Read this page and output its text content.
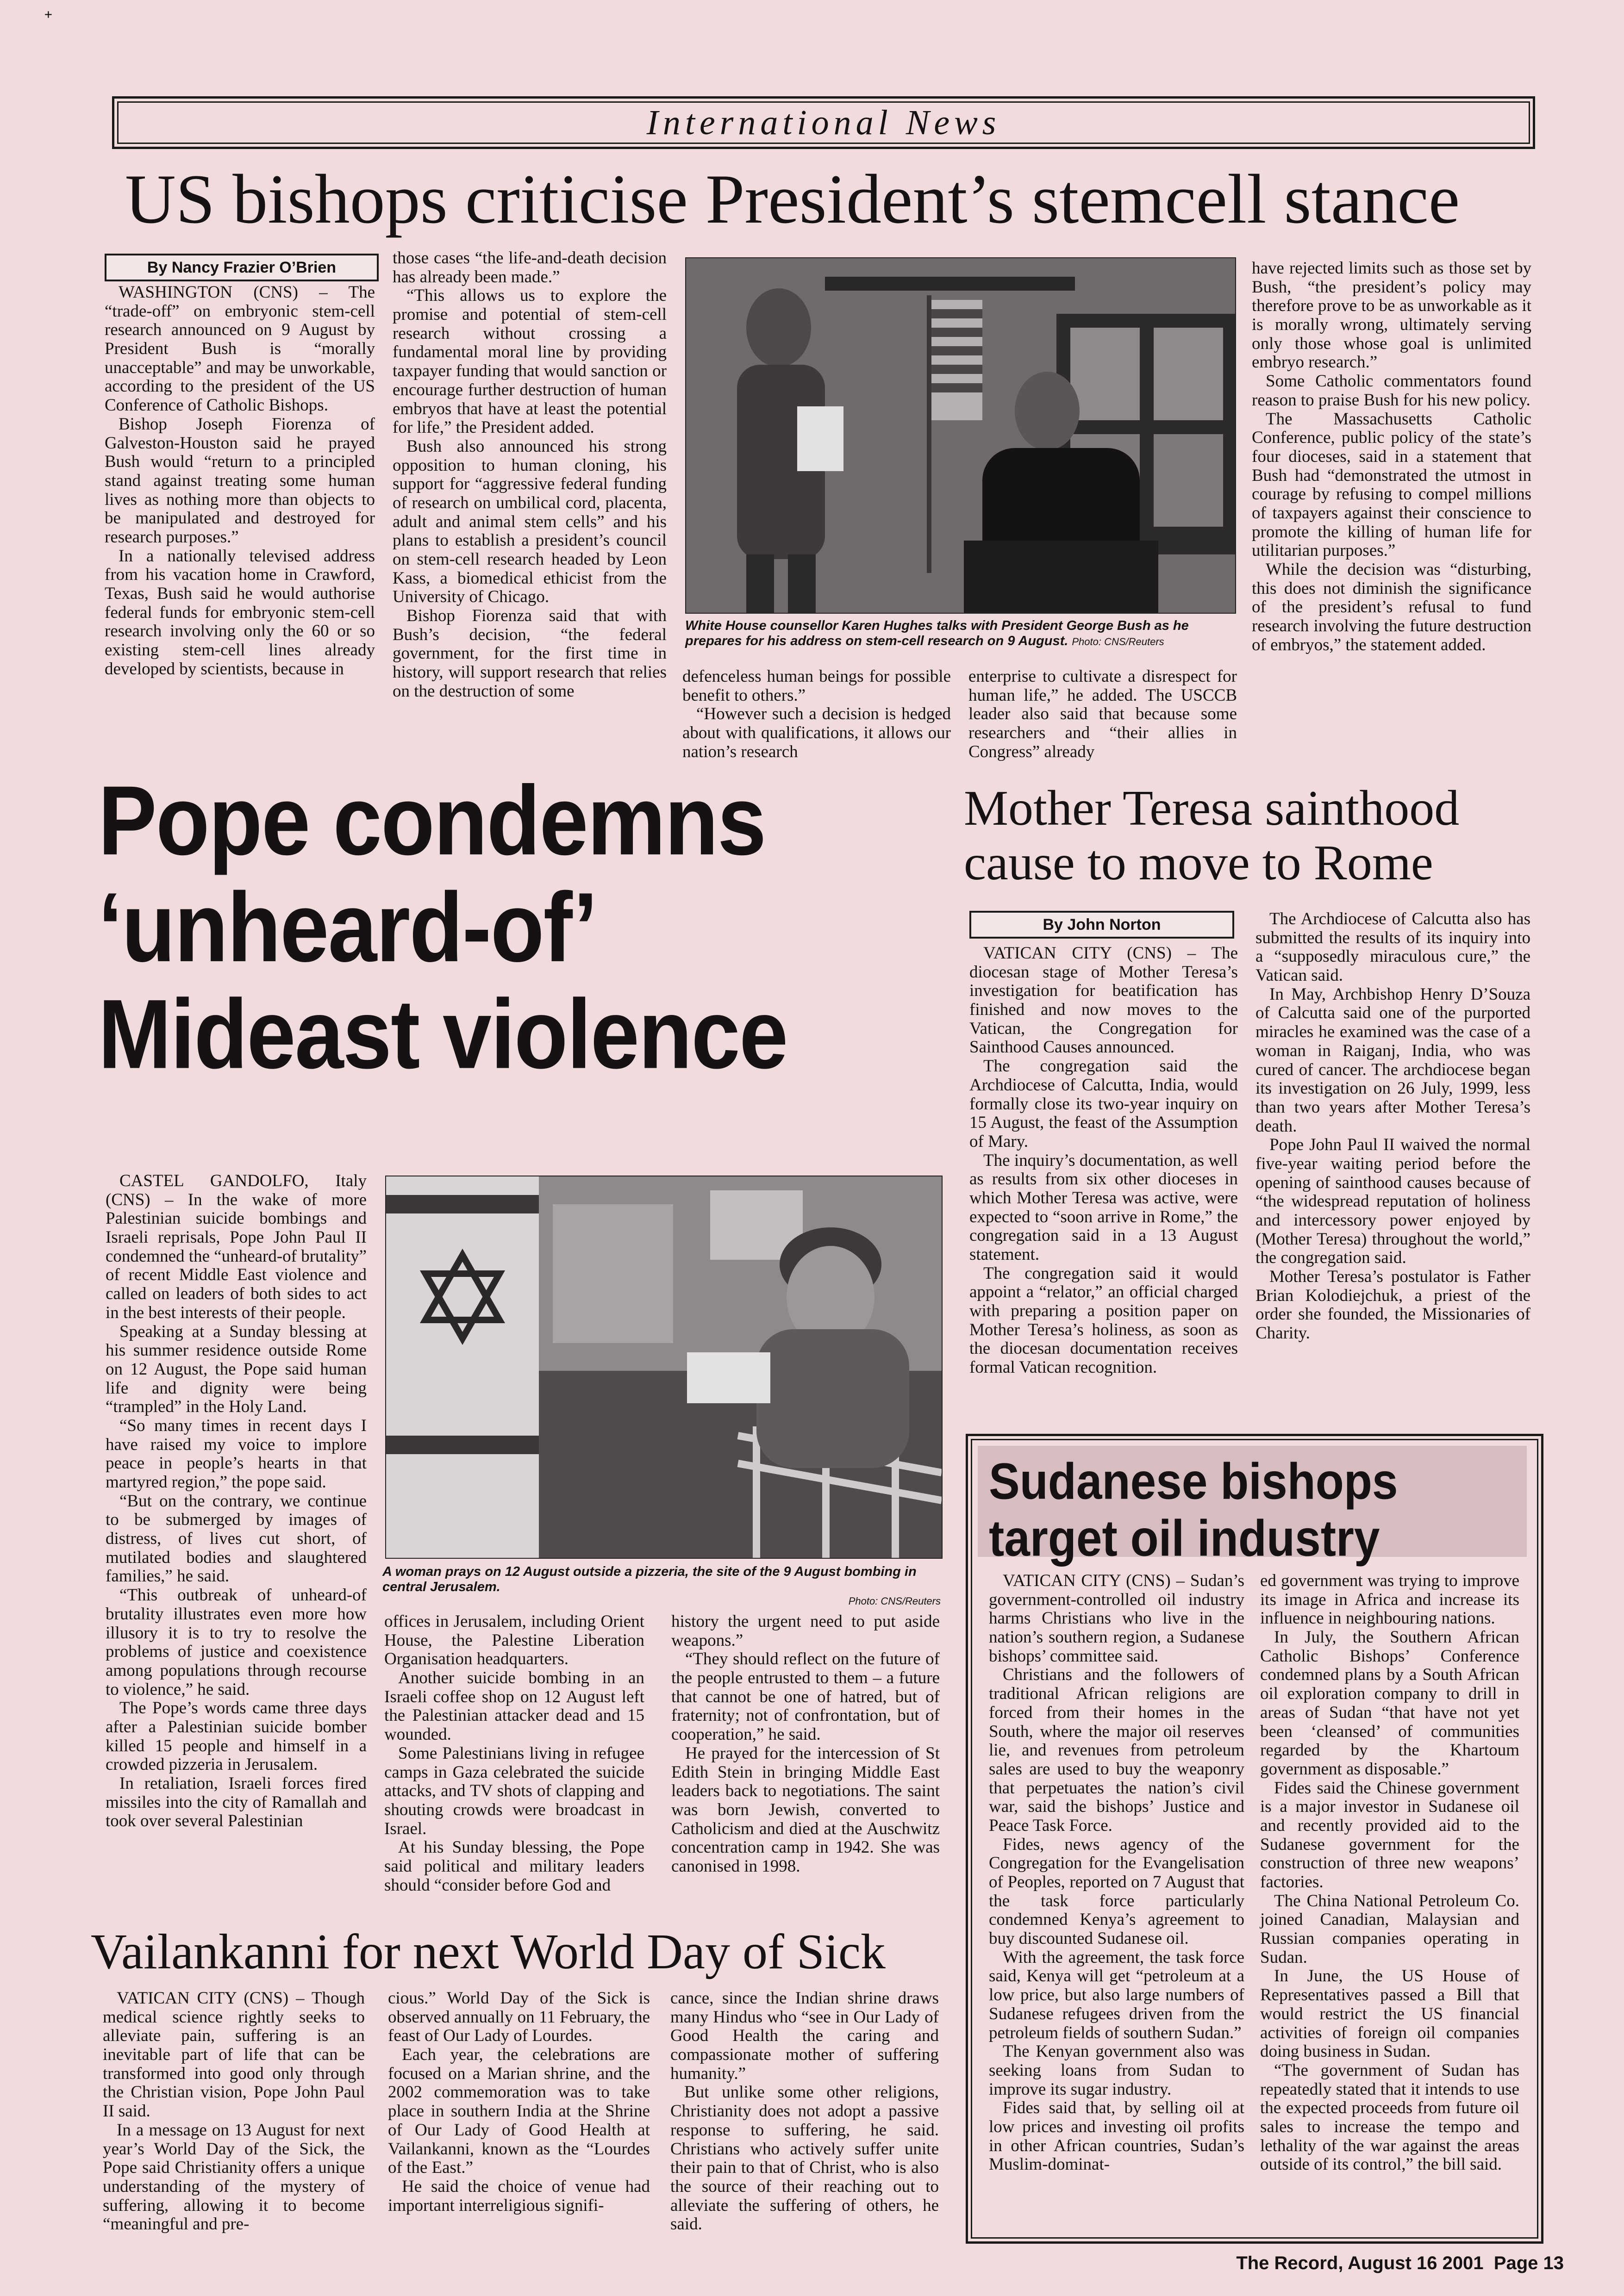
+
International News
US bishops criticise President’s stemcell stance
By Nancy Frazier O’Brien

WASHINGTON (CNS) – The “trade-off” on embryonic stem-cell research announced on 9 August by President Bush is “morally unacceptable” and may be unworkable, according to the president of the US Conference of Catholic Bishops.

Bishop Joseph Fiorenza of Galveston-Houston said he prayed Bush would “return to a principled stand against treating some human lives as nothing more than objects to be manipulated and destroyed for research purposes.”

In a nationally televised address from his vacation home in Crawford, Texas, Bush said he would authorise federal funds for embryonic stem-cell research involving only the 60 or so existing stem-cell lines already developed by scientists, because in

those cases “the life-and-death decision has already been made.”

“This allows us to explore the promise and potential of stem-cell research without crossing a fundamental moral line by providing taxpayer funding that would sanction or encourage further destruction of human embryos that have at least the potential for life,” the President added.

Bush also announced his strong opposition to human cloning, his support for “aggressive federal funding of research on umbilical cord, placenta, adult and animal stem cells” and his plans to establish a president’s council on stem-cell research headed by Leon Kass, a biomedical ethicist from the University of Chicago.

Bishop Fiorenza said that with Bush’s decision, “the federal government, for the first time in history, will support research that relies on the destruction of some

White House counsellor Karen Hughes talks with President George Bush as he prepares for his address on stem-cell research on 9 August. Photo: CNS/Reuters

defenceless human beings for possible benefit to others.”

“However such a decision is hedged about with qualifications, it allows our nation’s research

enterprise to cultivate a disrespect for human life,” he added. The USCCB leader also said that because some researchers and “their allies in Congress” already

have rejected limits such as those set by Bush, “the president’s policy may therefore prove to be as unworkable as it is morally wrong, ultimately serving only those whose goal is unlimited embryo research.”

Some Catholic commentators found reason to praise Bush for his new policy.

The Massachusetts Catholic Conference, public policy of the state’s four dioceses, said in a statement that Bush had “demonstrated the utmost in courage by refusing to compel millions of taxpayers against their conscience to promote the killing of human life for utilitarian purposes.”

While the decision was “disturbing, this does not diminish the significance of the president’s refusal to fund research involving the future destruction of embryos,” the statement added.

Pope condemns
‘unheard-of’
Mideast violence

CASTEL GANDOLFO, Italy (CNS) – In the wake of more Palestinian suicide bombings and Israeli reprisals, Pope John Paul II condemned the “unheard-of brutality” of recent Middle East violence and called on leaders of both sides to act in the best interests of their people.

Speaking at a Sunday blessing at his summer residence outside Rome on 12 August, the Pope said human life and dignity were being “trampled” in the Holy Land.

“So many times in recent days I have raised my voice to implore peace in people’s hearts in that martyred region,” the pope said.

“But on the contrary, we continue to be submerged by images of distress, of lives cut short, of mutilated bodies and slaughtered families,” he said.

“This outbreak of unheard-of brutality illustrates even more how illusory it is to try to resolve the problems of justice and coexistence among populations through recourse to violence,” he said.

The Pope’s words came three days after a Palestinian suicide bomber killed 15 people and himself in a crowded pizzeria in Jerusalem.

In retaliation, Israeli forces fired missiles into the city of Ramallah and took over several Palestinian

A woman prays on 12 August outside a pizzeria, the site of the 9 August bombing in central Jerusalem.
Photo: CNS/Reuters

offices in Jerusalem, including Orient House, the Palestine Liberation Organisation headquarters.

Another suicide bombing in an Israeli coffee shop on 12 August left the Palestinian attacker dead and 15 wounded.

Some Palestinians living in refugee camps in Gaza celebrated the suicide attacks, and TV shots of clapping and shouting crowds were broadcast in Israel.

At his Sunday blessing, the Pope said political and military leaders should “consider before God and

history the urgent need to put aside weapons.”

“They should reflect on the future of the people entrusted to them – a future that cannot be one of hatred, but of fraternity; not of confrontation, but of cooperation,” he said.

He prayed for the intercession of St Edith Stein in bringing Middle East leaders back to negotiations. The saint was born Jewish, converted to Catholicism and died at the Auschwitz concentration camp in 1942. She was canonised in 1998.

Mother Teresa sainthood
cause to move to Rome
By John Norton

VATICAN CITY (CNS) – The diocesan stage of Mother Teresa’s investigation for beatification has finished and now moves to the Vatican, the Congregation for Sainthood Causes announced.

The congregation said the Archdiocese of Calcutta, India, would formally close its two-year inquiry on 15 August, the feast of the Assumption of Mary.

The inquiry’s documentation, as well as results from six other dioceses in which Mother Teresa was active, were expected to “soon arrive in Rome,” the congregation said in a 13 August statement.

The congregation said it would appoint a “relator,” an official charged with preparing a position paper on Mother Teresa’s holiness, as soon as the diocesan documentation receives formal Vatican recognition.

The Archdiocese of Calcutta also has submitted the results of its inquiry into a “supposedly miraculous cure,” the Vatican said.

In May, Archbishop Henry D’Souza of Calcutta said one of the purported miracles he examined was the case of a woman in Raiganj, India, who was cured of cancer. The archdiocese began its investigation on 26 July, 1999, less than two years after Mother Teresa’s death.

Pope John Paul II waived the normal five-year waiting period before the opening of sainthood causes because of “the widespread reputation of holiness and intercessory power enjoyed by (Mother Teresa) throughout the world,” the congregation said.

Mother Teresa’s postulator is Father Brian Kolodiejchuk, a priest of the order she founded, the Missionaries of Charity.

Sudanese bishops
target oil industry

VATICAN CITY (CNS) – Sudan’s government-controlled oil industry harms Christians who live in the nation’s southern region, a Sudanese bishops’ committee said.

Christians and the followers of traditional African religions are forced from their homes in the South, where the major oil reserves lie, and revenues from petroleum sales are used to buy the weaponry that perpetuates the nation’s civil war, said the bishops’ Justice and Peace Task Force.

Fides, news agency of the Congregation for the Evangelisation of Peoples, reported on 7 August that the task force particularly condemned Kenya’s agreement to buy discounted Sudanese oil.

With the agreement, the task force said, Kenya will get “petroleum at a low price, but also large numbers of Sudanese refugees driven from the petroleum fields of southern Sudan.”

The Kenyan government also was seeking loans from Sudan to improve its sugar industry.

Fides said that, by selling oil at low prices and investing oil profits in other African countries, Sudan’s Muslim-dominat-

ed government was trying to improve its image in Africa and increase its influence in neighbouring nations.

In July, the Southern African Catholic Bishops’ Conference condemned plans by a South African oil exploration company to drill in areas of Sudan “that have not yet been ‘cleansed’ of communities regarded by the Khartoum government as disposable.”

Fides said the Chinese government is a major investor in Sudanese oil and recently provided aid to the Sudanese government for the construction of three new weapons’ factories.

The China National Petroleum Co. joined Canadian, Malaysian and Russian companies operating in Sudan.

In June, the US House of Representatives passed a Bill that would restrict the US financial activities of foreign oil companies doing business in Sudan.

“The government of Sudan has repeatedly stated that it intends to use the expected proceeds from future oil sales to increase the tempo and lethality of the war against the areas outside of its control,” the bill said.

Vailankanni for next World Day of Sick

VATICAN CITY (CNS) – Though medical science rightly seeks to alleviate pain, suffering is an inevitable part of life that can be transformed into good only through the Christian vision, Pope John Paul II said.

In a message on 13 August for next year’s World Day of the Sick, the Pope said Christianity offers a unique understanding of the mystery of suffering, allowing it to become “meaningful and pre-

cious.” World Day of the Sick is observed annually on 11 February, the feast of Our Lady of Lourdes.

Each year, the celebrations are focused on a Marian shrine, and the 2002 commemoration was to take place in southern India at the Shrine of Our Lady of Good Health at Vailankanni, known as the “Lourdes of the East.”

He said the choice of venue had important interreligious signifi-

cance, since the Indian shrine draws many Hindus who “see in Our Lady of Good Health the caring and compassionate mother of suffering humanity.”

But unlike some other religions, Christianity does not adopt a passive response to suffering, he said. Christians who actively suffer unite their pain to that of Christ, who is also the source of their reaching out to alleviate the suffering of others, he said.

The Record, August 16 2001  Page 13
